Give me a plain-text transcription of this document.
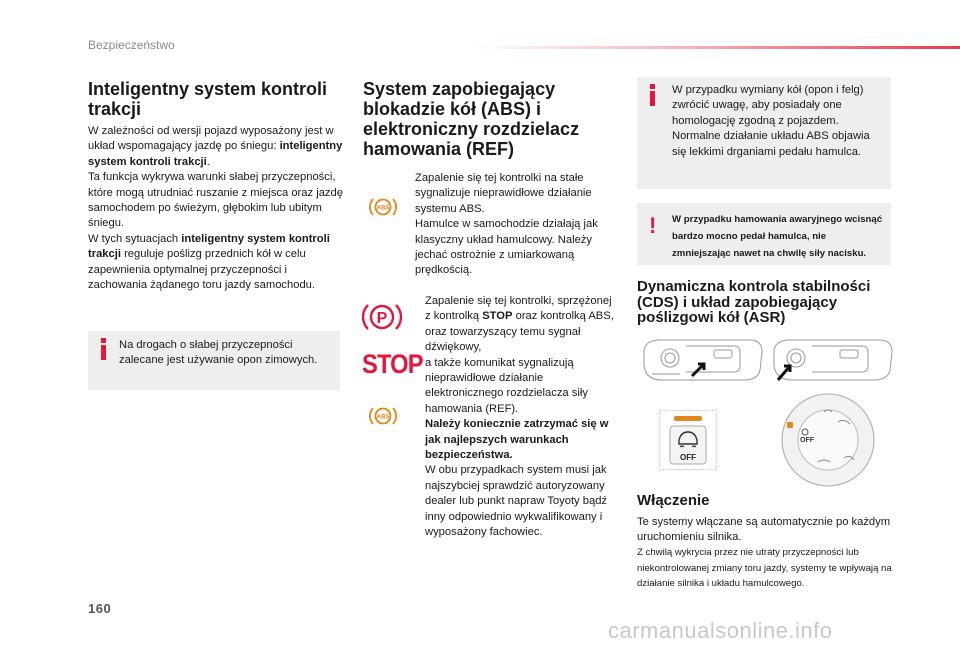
Bezpieczeństwo
Inteligentny system kontroli trakcji

W zależności od wersji pojazd wyposażony jest w układ wspomagający jazdę po śniegu: inteligentny system kontroli trakcji.
Ta funkcja wykrywa warunki słabej przyczepności, które mogą utrudniać ruszanie z miejsca oraz jazdę samochodem po świeżym, głębokim lub ubitym śniegu.
W tych sytuacjach inteligentny system kontroli trakcji reguluje poślizg przednich kół w celu zapewnienia optymalnej przyczepności i zachowania żądanego toru jazdy samochodu.

Na drogach o słabej przyczepności zalecane jest używanie opon zimowych.
System zapobiegający blokadzie kół (ABS) i elektroniczny rozdzielacz hamowania (REF)
ABS

Zapalenie się tej kontrolki na stałe sygnalizuje nieprawidłowe działanie systemu ABS.
Hamulce w samochodzie działają jak klasyczny układ hamulcowy. Należy jechać ostrożnie z umiarkowaną prędkością.

P
STOP
ABS

Zapalenie się tej kontrolki, sprzężonej z kontrolką STOP oraz kontrolką ABS, oraz towarzyszący temu sygnał dźwiękowy,
a także komunikat sygnalizują nieprawidłowe działanie elektronicznego rozdzielacza siły hamowania (REF).
Należy koniecznie zatrzymać się w jak najlepszych warunkach bezpieczeństwa.
W obu przypadkach system musi jak najszybciej sprawdzić autoryzowany dealer lub punkt napraw Toyoty bądź inny odpowiednio wykwalifikowany i wyposażony fachowiec.

W przypadku wymiany kół (opon i felg) zwrócić uwagę, aby posiadały one homologację zgodną z pojazdem. Normalne działanie układu ABS objawia się lekkimi drganiami pedału hamulca.
! W przypadku hamowania awaryjnego wcisnąć bardzo mocno pedał hamulca, nie zmniejszając nawet na chwilę siły nacisku.
Dynamiczna kontrola stabilności (CDS) i układ zapobiegający poślizgowi kół (ASR)
OFF
OFF
Włączenie

Te systemy włączane są automatycznie po każdym uruchomieniu silnika.

Z chwilą wykrycia przez nie utraty przyczepności lub niekontrolowanej zmiany toru jazdy, systemy te wpływają na działanie silnika i układu hamulcowego.

160
carmanualsonline.info
